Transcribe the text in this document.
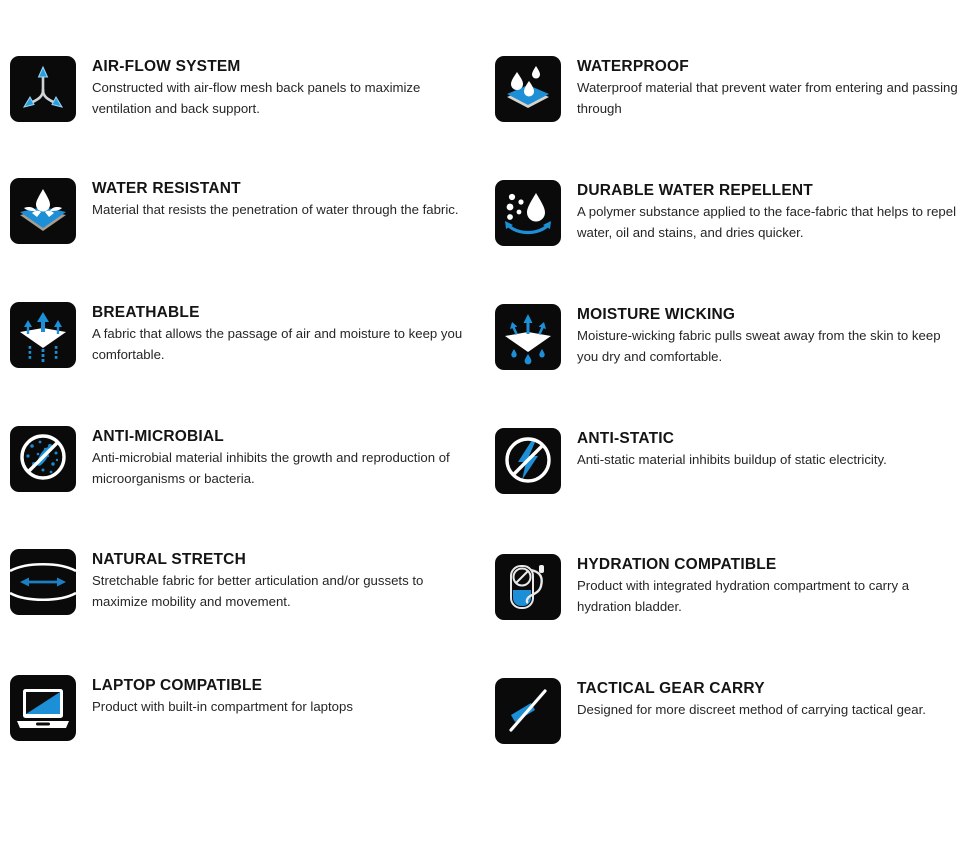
AIR-FLOW SYSTEM
Constructed with air-flow mesh back panels to maximize ventilation and back support.
WATERPROOF
Waterproof material that prevent water from entering and passing through
WATER RESISTANT
Material that resists the penetration of water through the fabric.
DURABLE WATER REPELLENT
A polymer substance applied to the face-fabric that helps to repel water, oil and stains, and dries quicker.
BREATHABLE
A fabric that allows the passage of air and moisture to keep you comfortable.
MOISTURE WICKING
Moisture-wicking fabric pulls sweat away from the skin to keep you dry and comfortable.
ANTI-MICROBIAL
Anti-microbial material inhibits the growth and reproduction of microorganisms or bacteria.
ANTI-STATIC
Anti-static material inhibits buildup of static electricity.
NATURAL STRETCH
Stretchable fabric for better articulation and/or gussets to maximize mobility and movement.
HYDRATION COMPATIBLE
Product with integrated hydration compartment to carry a hydration bladder.
LAPTOP COMPATIBLE
Product with built-in compartment for laptops
TACTICAL GEAR CARRY
Designed for more discreet method of carrying tactical gear.
